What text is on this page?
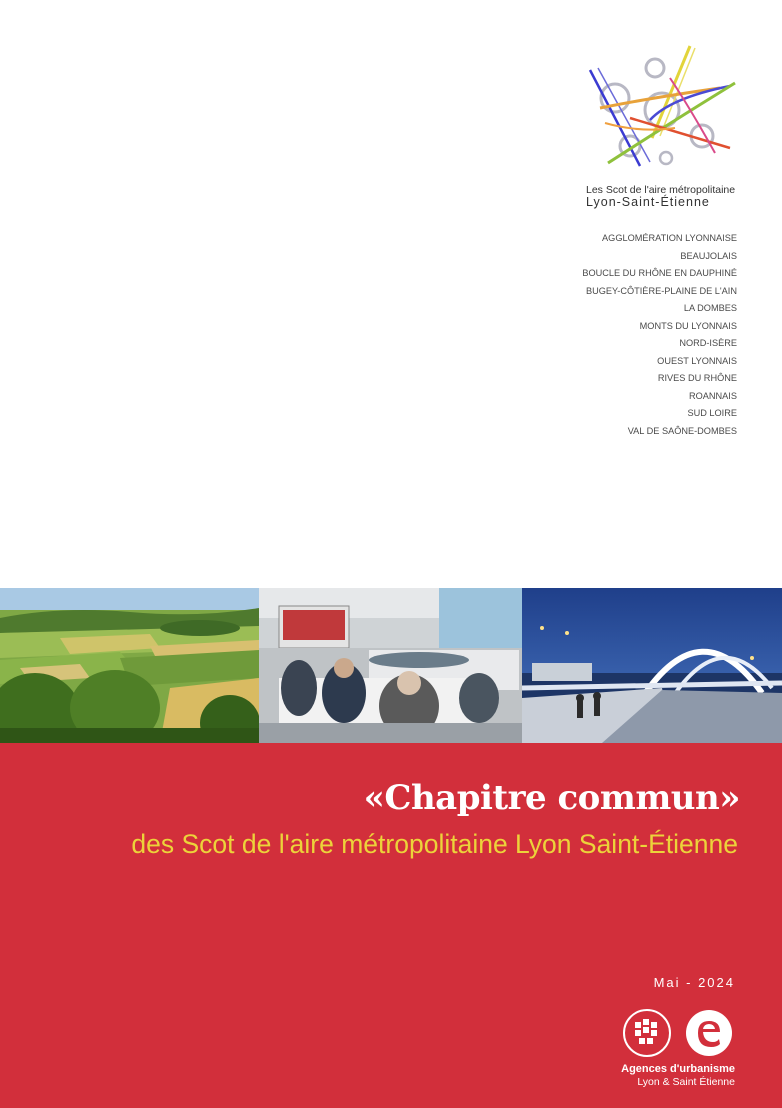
Les Scot de l'aire métropolitaine
Lyon-Saint-Étienne
AGGLOMÉRATION LYONNAISE
BEAUJOLAIS
BOUCLE DU RHÔNE EN DAUPHINÉ
BUGEY-CÔTIÈRE-PLAINE DE L'AIN
LA DOMBES
MONTS DU LYONNAIS
NORD-ISÈRE
OUEST LYONNAIS
RIVES DU RHÔNE
ROANNAIS
SUD LOIRE
VAL DE SAÔNE-DOMBES
«Chapitre commun»
des Scot de l'aire métropolitaine Lyon Saint-Étienne
Mai - 2024
Agences d'urbanisme
Lyon & Saint Étienne
